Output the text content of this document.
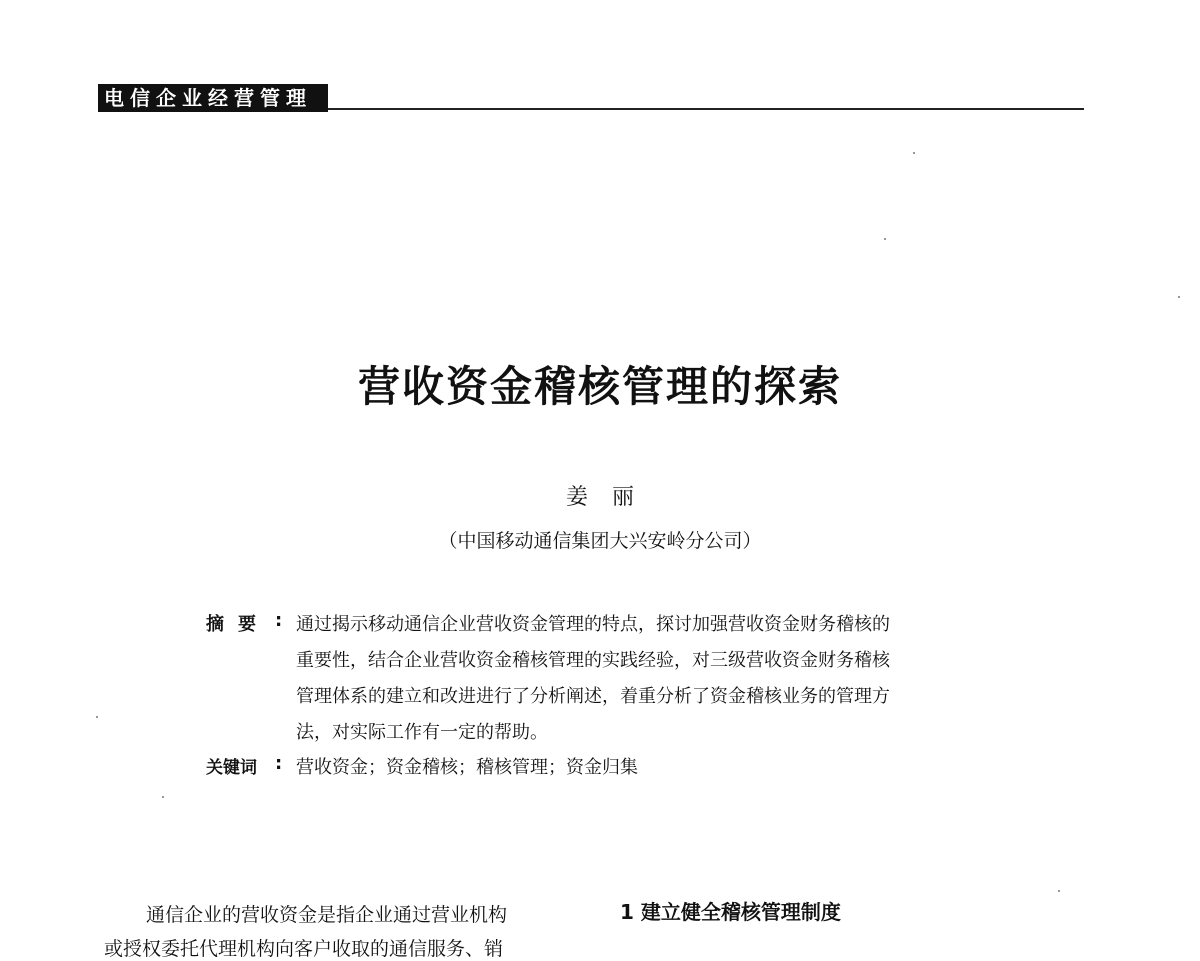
电信企业经营管理
营收资金稽核管理的探索
姜丽
（中国移动通信集团大兴安岭分公司）
摘要 : 通过揭示移动通信企业营收资金管理的特点，探讨加强营收资金财务稽核的
重要性，结合企业营收资金稽核管理的实践经验，对三级营收资金财务稽核
管理体系的建立和改进进行了分析阐述，着重分析了资金稽核业务的管理方
法，对实际工作有一定的帮助。
关键词 : 营收资金；资金稽核；稽核管理；资金归集
通信企业的营收资金是指企业通过营业机构
或授权委托代理机构向客户收取的通信服务、销
1 建立健全稽核管理制度
